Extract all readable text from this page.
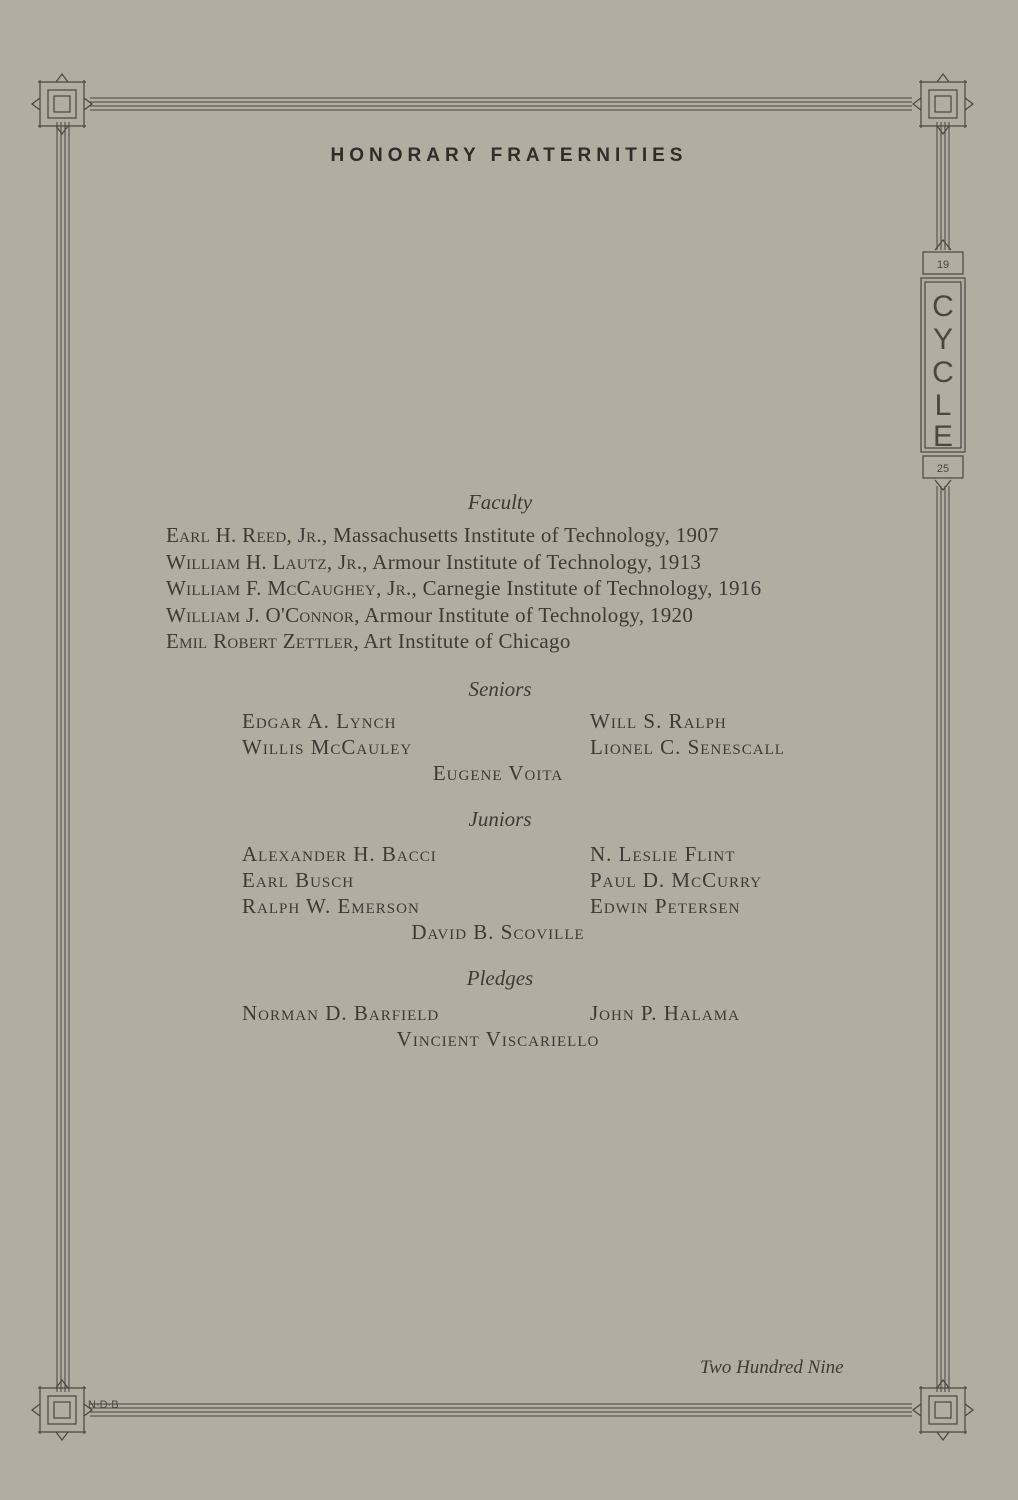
C
Y
C
L
E
19
25
N·D·B
HONORARY FRATERNITIES
Faculty
Earl H. Reed, Jr., Massachusetts Institute of Technology, 1907
William H. Lautz, Jr., Armour Institute of Technology, 1913
William F. McCaughey, Jr., Carnegie Institute of Technology, 1916
William J. O'Connor, Armour Institute of Technology, 1920
Emil Robert Zettler, Art Institute of Chicago
Seniors
Edgar A. Lynch
Willis McCauley
Will S. Ralph
Lionel C. Senescall
Eugene Voita
Juniors
Alexander H. Bacci
Earl Busch
Ralph W. Emerson
N. Leslie Flint
Paul D. McCurry
Edwin Petersen
David B. Scoville
Pledges
Norman D. Barfield	John P. Halama
Vincient Viscariello
Two Hundred Nine
